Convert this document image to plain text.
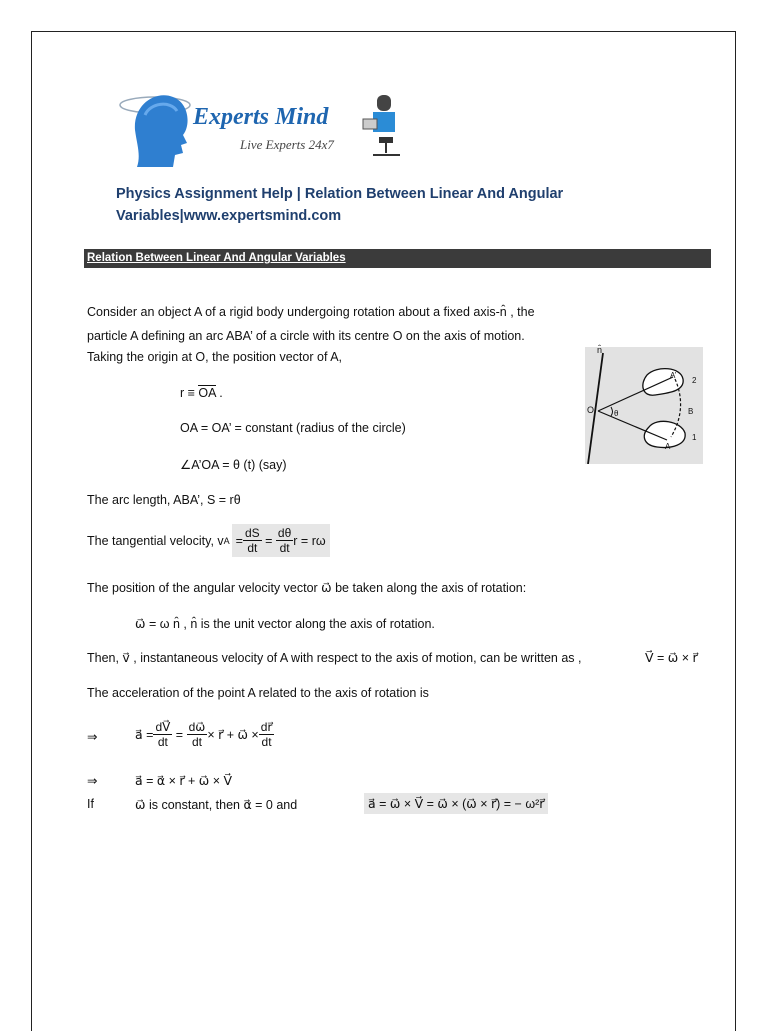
Experts Mind
Live Experts 24x7
Physics Assignment Help | Relation Between Linear And Angular
Variables|www.expertsmind.com
Relation Between Linear And Angular Variables
Consider an object A of a rigid body undergoing rotation about a fixed axis-n̂ , the
particle A defining an arc ABA’ of a circle with its centre O on the axis of motion.
Taking the origin at O, the position vector of A,
r ≡ OA .
OA = OA’ = constant (radius of the circle)
∠A’OA = θ (t) (say)
n̂
O θ
A’
A
B
2
1
The arc length, ABA’, S = rθ
The tangential velocity, v $A = \frac{dS}{dt} = \frac{d\theta}{dt}$ r = rω
The position of the angular velocity vector ω⃗ be taken along the axis of rotation:
ω⃗ = ω n̂ , n̂ is the unit vector along the axis of rotation.
Then, v⃗ , instantaneous velocity of A with respect to the axis of motion, can be written as ,	V⃗ = ω⃗ × r⃗
The acceleration of the point A related to the axis of rotation is
⇒	a⃗ = $\frac{dV⃗}{dt} = \frac{d\omega⃗}{dt}$ × r⃗ + ω⃗ × $\frac{dr⃗}{dt}$
⇒	a⃗ = α⃗ × r⃗ + ω⃗ × V⃗
If	ω⃗ is constant, then α⃗ = 0 and	a⃗ = ω⃗ × V⃗ = ω⃗ × (ω⃗ × r⃗) = − ω²r⃗
